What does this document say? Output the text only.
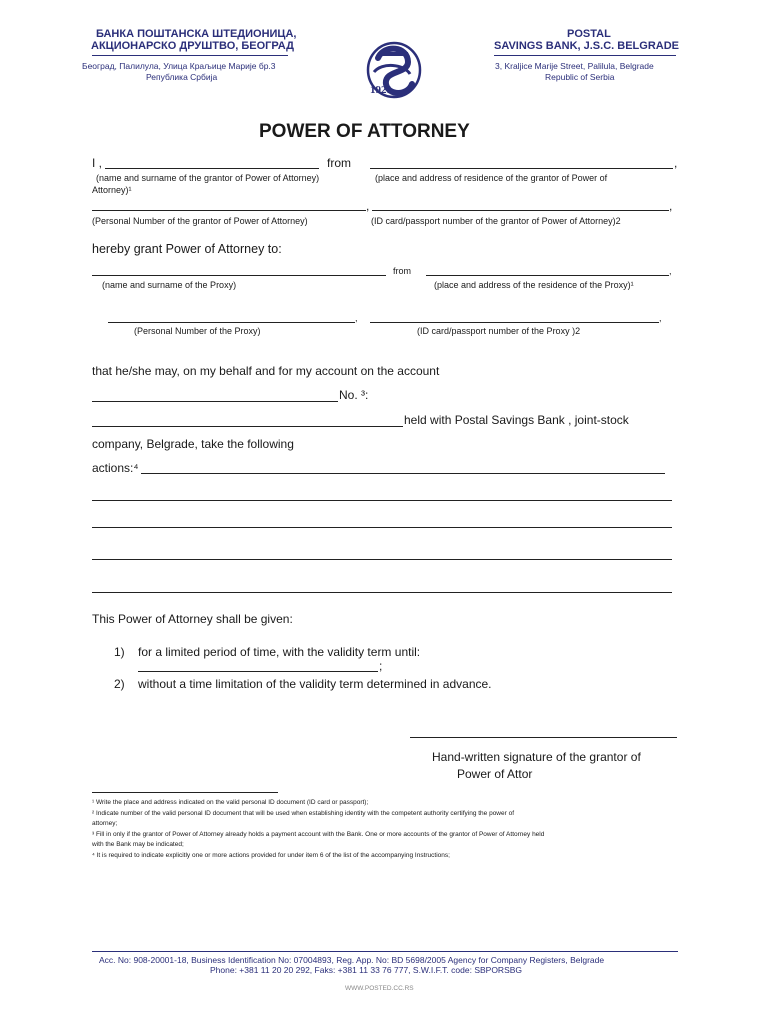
БАНКА ПОШТАНСКА ШТЕДИОНИЦА,
АКЦИОНАРСКО ДРУШТВО, БЕОГРАД
Београд, Палилула, Улица Краљице Марије бр.3
Република Србија

1921
POSTAL
SAVINGS BANK, J.S.C. BELGRADE
3, Kraljice Marije Street, Palilula, Belgrade
Republic of Serbia
POWER OF ATTORNEY
I ,	from	,
(name and surname of the grantor of Power of Attorney)	(place and address of residence of the grantor of Power of
Attorney)¹
,	,
(Personal Number of the grantor of Power of Attorney)	(ID card/passport number of the grantor of Power of Attorney)2
hereby grant Power of Attorney to:
from	,
(name and surname of the Proxy)	(place and address of the residence of the Proxy)¹
,	,
(Personal Number of the Proxy)	(ID card/passport number of the Proxy )2
that he/she may, on my behalf and for my account on the account
No. ³:
held with Postal Savings Bank , joint-stock
company, Belgrade, take the following
actions:⁴
This Power of Attorney shall be given:
1) for a limited period of time, with the validity term until:
;
2) without a time limitation of the validity term determined in advance.
Hand-written signature of the grantor of
Power of Attor
¹ Write the place and address indicated on the valid personal ID document (ID card or passport);
² Indicate number of the valid personal ID document that will be used when establishing identity with the competent authority certifying the power of
attorney;
³ Fill in only if the grantor of Power of Attorney already holds a payment account with the Bank. One or more accounts of the grantor of Power of Attorney held
with the Bank may be indicated;
⁴ It is required to indicate explicitly one or more actions provided for under item 6 of the list of the accompanying Instructions;
Acc. No: 908-20001-18, Business Identification No: 07004893, Reg. App. No: BD 5698/2005 Agency for Company Registers, Belgrade
Phone: +381 11 20 20 292, Faks: +381 11 33 76 777, S.W.I.F.T. code: SBPORSBG
WWW.POSTED.CC.RS
